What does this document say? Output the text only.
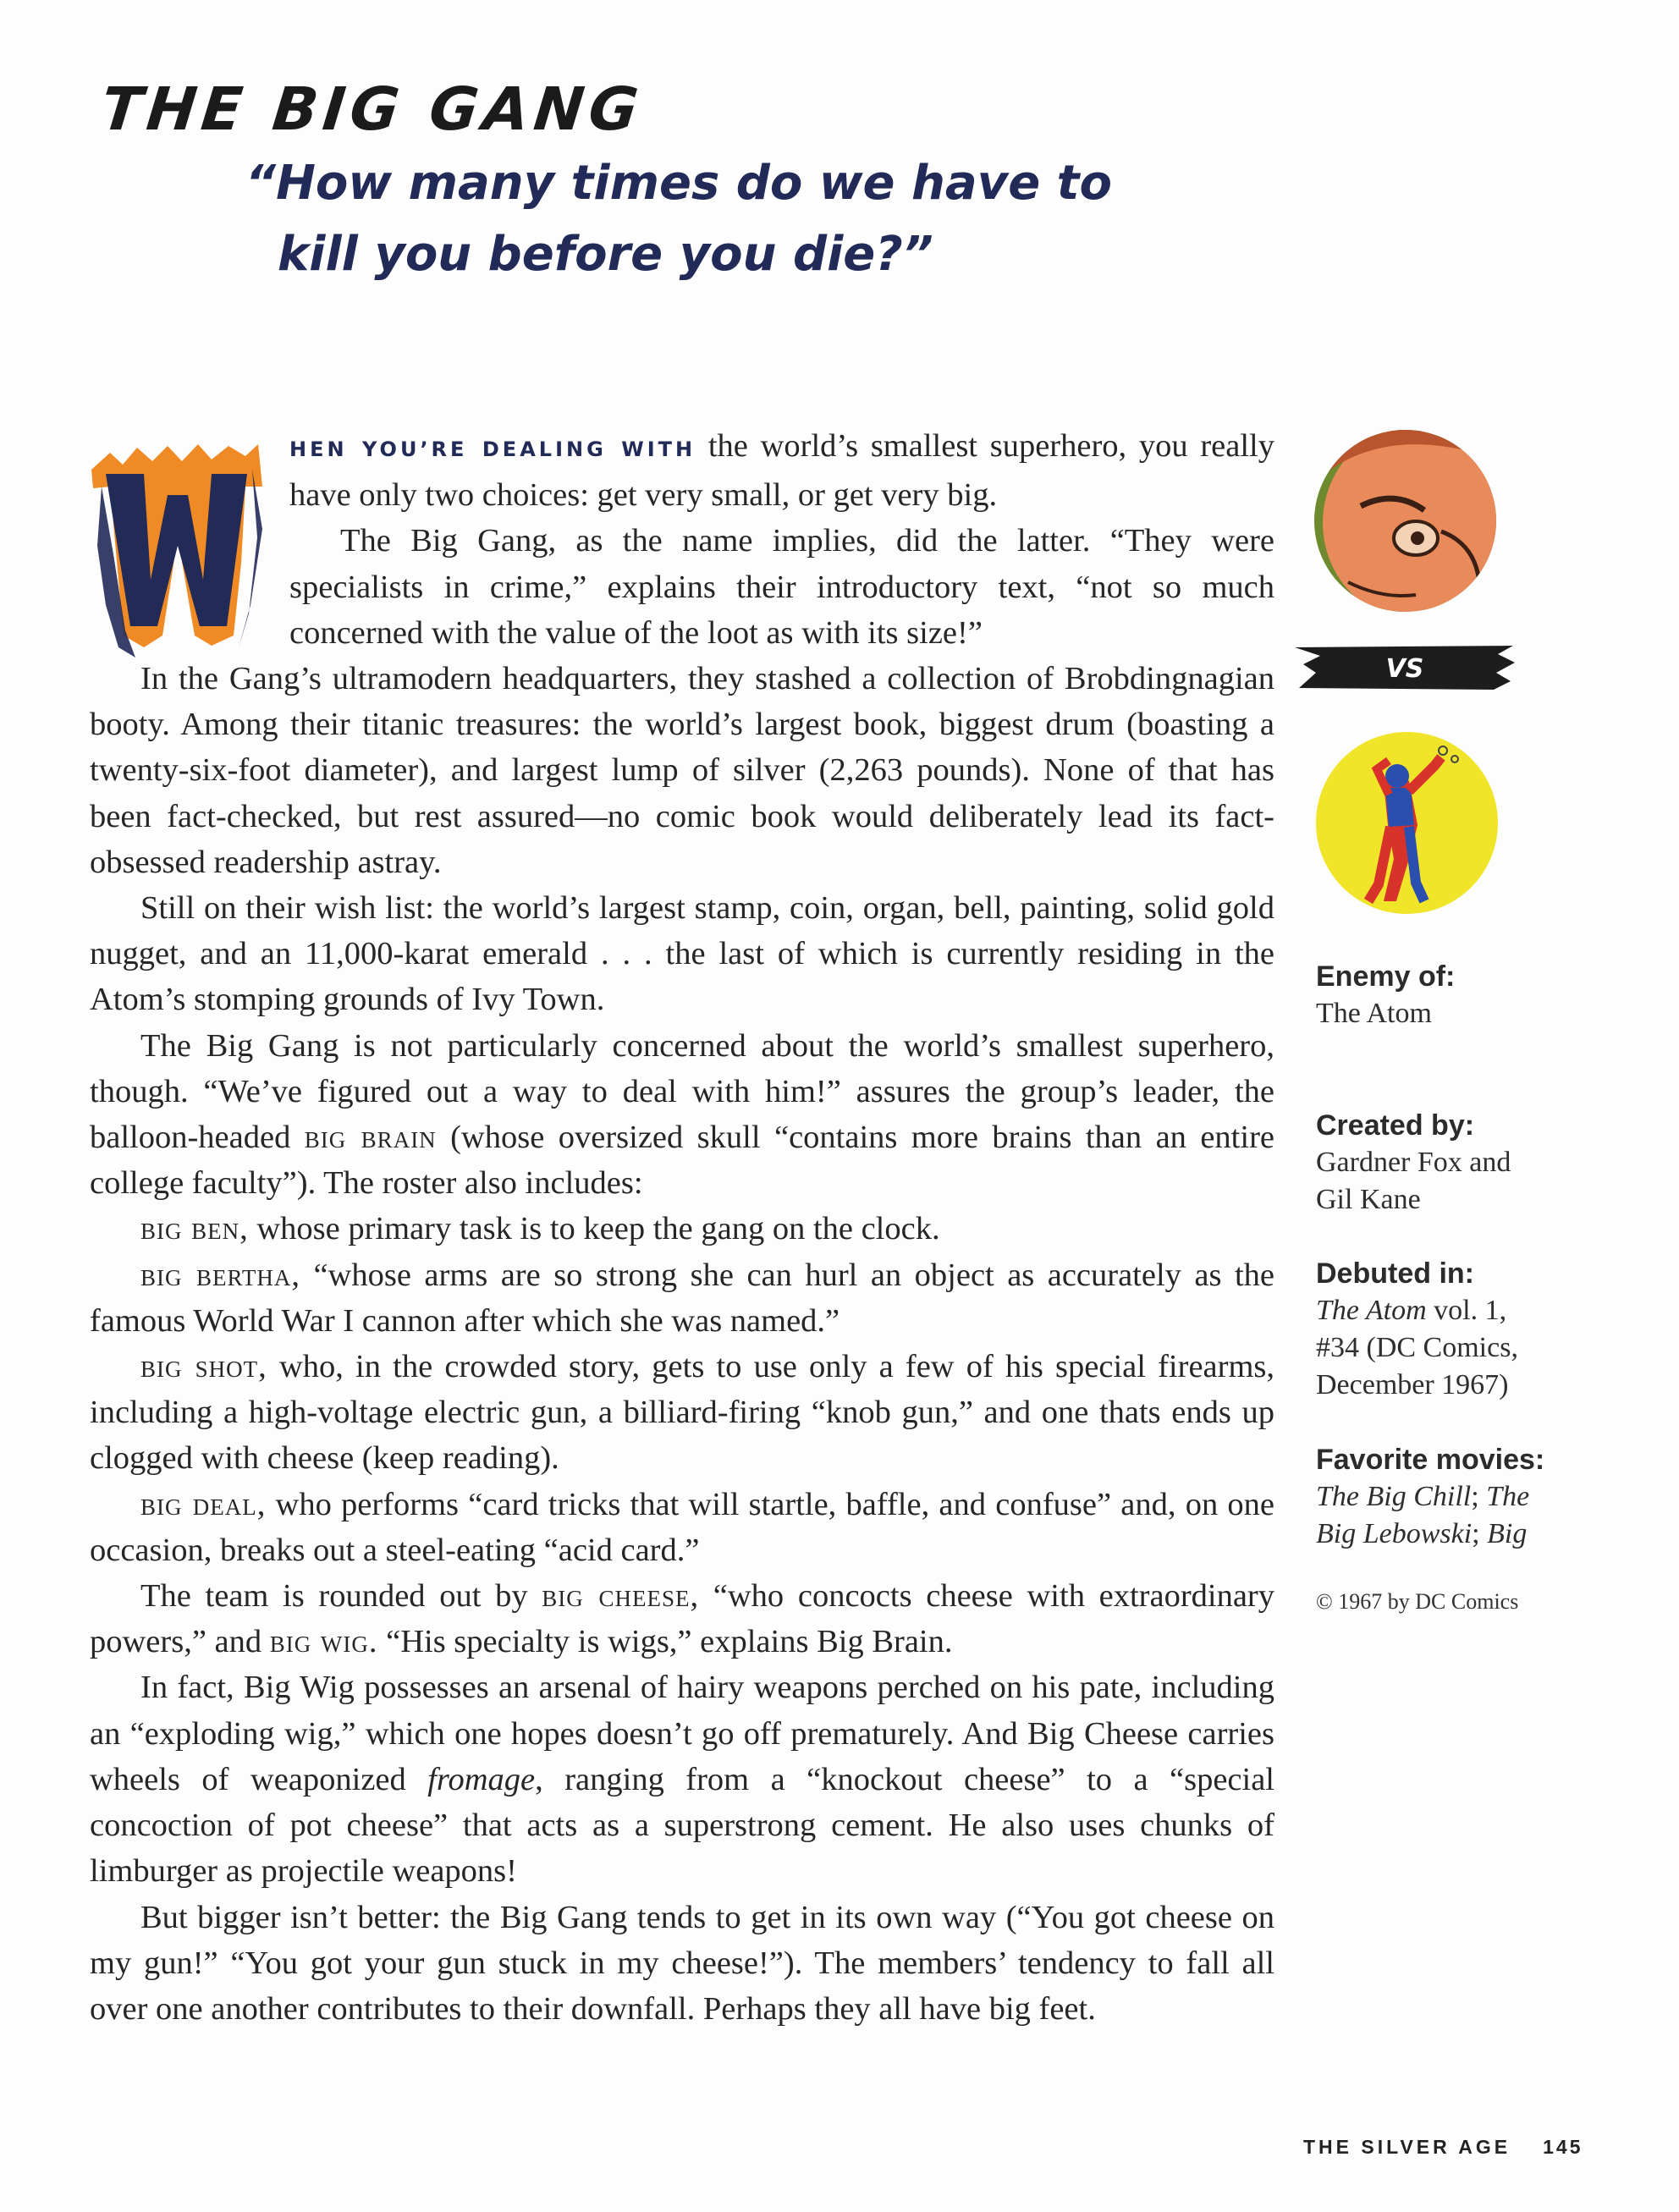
THE BIG GANG
“How many times do we have to
kill you before you die?”

HEN YOU’RE DEALING WITH the world’s smallest superhero, you really have only two choices: get very small, or get very big.

The Big Gang, as the name implies, did the latter. “They were specialists in crime,” explains their introductory text, “not so much concerned with the value of the loot as with its size!”

In the Gang’s ultramodern headquarters, they stashed a collection of Brobdingnagian booty. Among their titanic treasures: the world’s largest book, biggest drum (boasting a twenty-six-foot diameter), and largest lump of silver (2,263 pounds). None of that has been fact-checked, but rest assured—no comic book would deliberately lead its fact-obsessed readership astray.

Still on their wish list: the world’s largest stamp, coin, organ, bell, painting, solid gold nugget, and an 11,000-karat emerald . . . the last of which is currently residing in the Atom’s stomping grounds of Ivy Town.

The Big Gang is not particularly concerned about the world’s smallest superhero, though. “We’ve figured out a way to deal with him!” assures the group’s leader, the balloon-headed big brain (whose oversized skull “contains more brains than an entire college faculty”). The roster also includes:

big ben, whose primary task is to keep the gang on the clock.

big bertha, “whose arms are so strong she can hurl an object as accurately as the famous World War I cannon after which she was named.”

big shot, who, in the crowded story, gets to use only a few of his special firearms, including a high-voltage electric gun, a billiard-firing “knob gun,” and one thats ends up clogged with cheese (keep reading).

big deal, who performs “card tricks that will startle, baffle, and confuse” and, on one occasion, breaks out a steel-eating “acid card.”

The team is rounded out by big cheese, “who concocts cheese with extraordinary powers,” and big wig. “His specialty is wigs,” explains Big Brain.

In fact, Big Wig possesses an arsenal of hairy weapons perched on his pate, including an “exploding wig,” which one hopes doesn’t go off prematurely. And Big Cheese carries wheels of weaponized fromage, ranging from a “knockout cheese” to a “special concoction of pot cheese” that acts as a superstrong cement. He also uses chunks of limburger as projectile weapons!

But bigger isn’t better: the Big Gang tends to get in its own way (“You got cheese on my gun!” “You got your gun stuck in my cheese!”). The members’ tendency to fall all over one another contributes to their downfall. Perhaps they all have big feet.

VS
Enemy of:
The Atom
Created by:
Gardner Fox and
Gil Kane
Debuted in:
The Atom vol. 1,
#34 (DC Comics,
December 1967)
Favorite movies:
The Big Chill; The
Big Lebowski; Big
© 1967 by DC Comics
THE SILVER AGE 145
